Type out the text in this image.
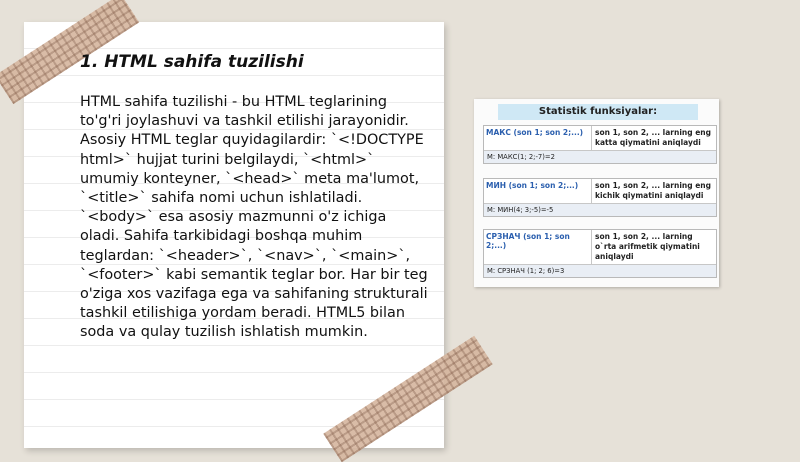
1. HTML sahifa tuzilishi

HTML sahifa tuzilishi - bu HTML teglarining to'g'ri joylashuvi va tashkil etilishi jarayonidir. Asosiy HTML teglar quyidagilardir: `<!DOCTYPE html>` hujjat turini belgilaydi, `<html>` umumiy konteyner, `<head>` meta ma'lumot, `<title>` sahifa nomi uchun ishlatiladi. `<body>` esa asosiy mazmunni o'z ichiga oladi. Sahifa tarkibidagi boshqa muhim teglardan: `<header>`, `<nav>`, `<main>`, `<footer>` kabi semantik teglar bor. Har bir teg o'ziga xos vazifaga ega va sahifaning strukturali tashkil etilishiga yordam beradi. HTML5 bilan soda va qulay tuzilish ishlatish mumkin.

Statistik funksiyalar:
МАКС (son 1; son 2;...)	son 1, son 2, ... larning eng katta qiymatini aniqlaydi
M: МАКС(1; 2;-7)=2
МИН (son 1; son 2;...)	son 1, son 2, ... larning eng kichik qiymatini aniqlaydi
M: МИН(4; 3;-5)=-5
СРЗНАЧ (son 1; son 2;...)
son 1, son 2, ... larning o`rta arifmetik qiymatini aniqlaydi
M: СРЗНАЧ (1; 2; 6)=3
